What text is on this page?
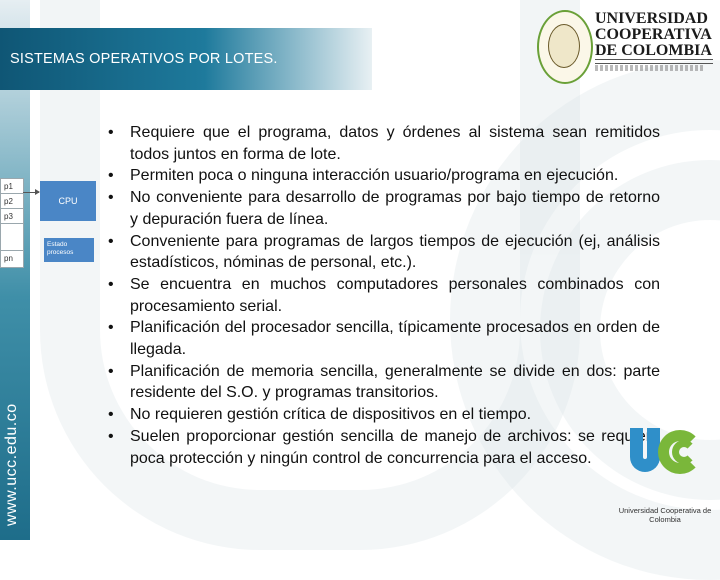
SISTEMAS OPERATIVOS POR LOTES.
www.ucc.edu.co
UNIVERSIDAD
COOPERATIVA
DE COLOMBIA
p1
p2
p3
pn
CPU
Estado procesos
• Requiere que el programa, datos y órdenes al sistema sean remitidos todos juntos en forma de lote.
• Permiten poca o ninguna interacción usuario/programa en ejecución.
• No conveniente para desarrollo de programas por bajo tiempo de retorno y depuración fuera de línea.
• Conveniente para programas de largos tiempos de ejecución (ej, análisis estadísticos, nóminas de personal, etc.).
• Se encuentra en muchos computadores personales combinados con procesamiento serial.
• Planificación del procesador sencilla, típicamente procesados en orden de llegada.
• Planificación de memoria sencilla, generalmente se divide en dos: parte residente del S.O. y programas transitorios.
• No requieren gestión crítica de dispositivos en el tiempo.
• Suelen proporcionar gestión sencilla de manejo de archivos: se requiere poca protección y ningún control de concurrencia para el acceso.
Universidad Cooperativa de Colombia
